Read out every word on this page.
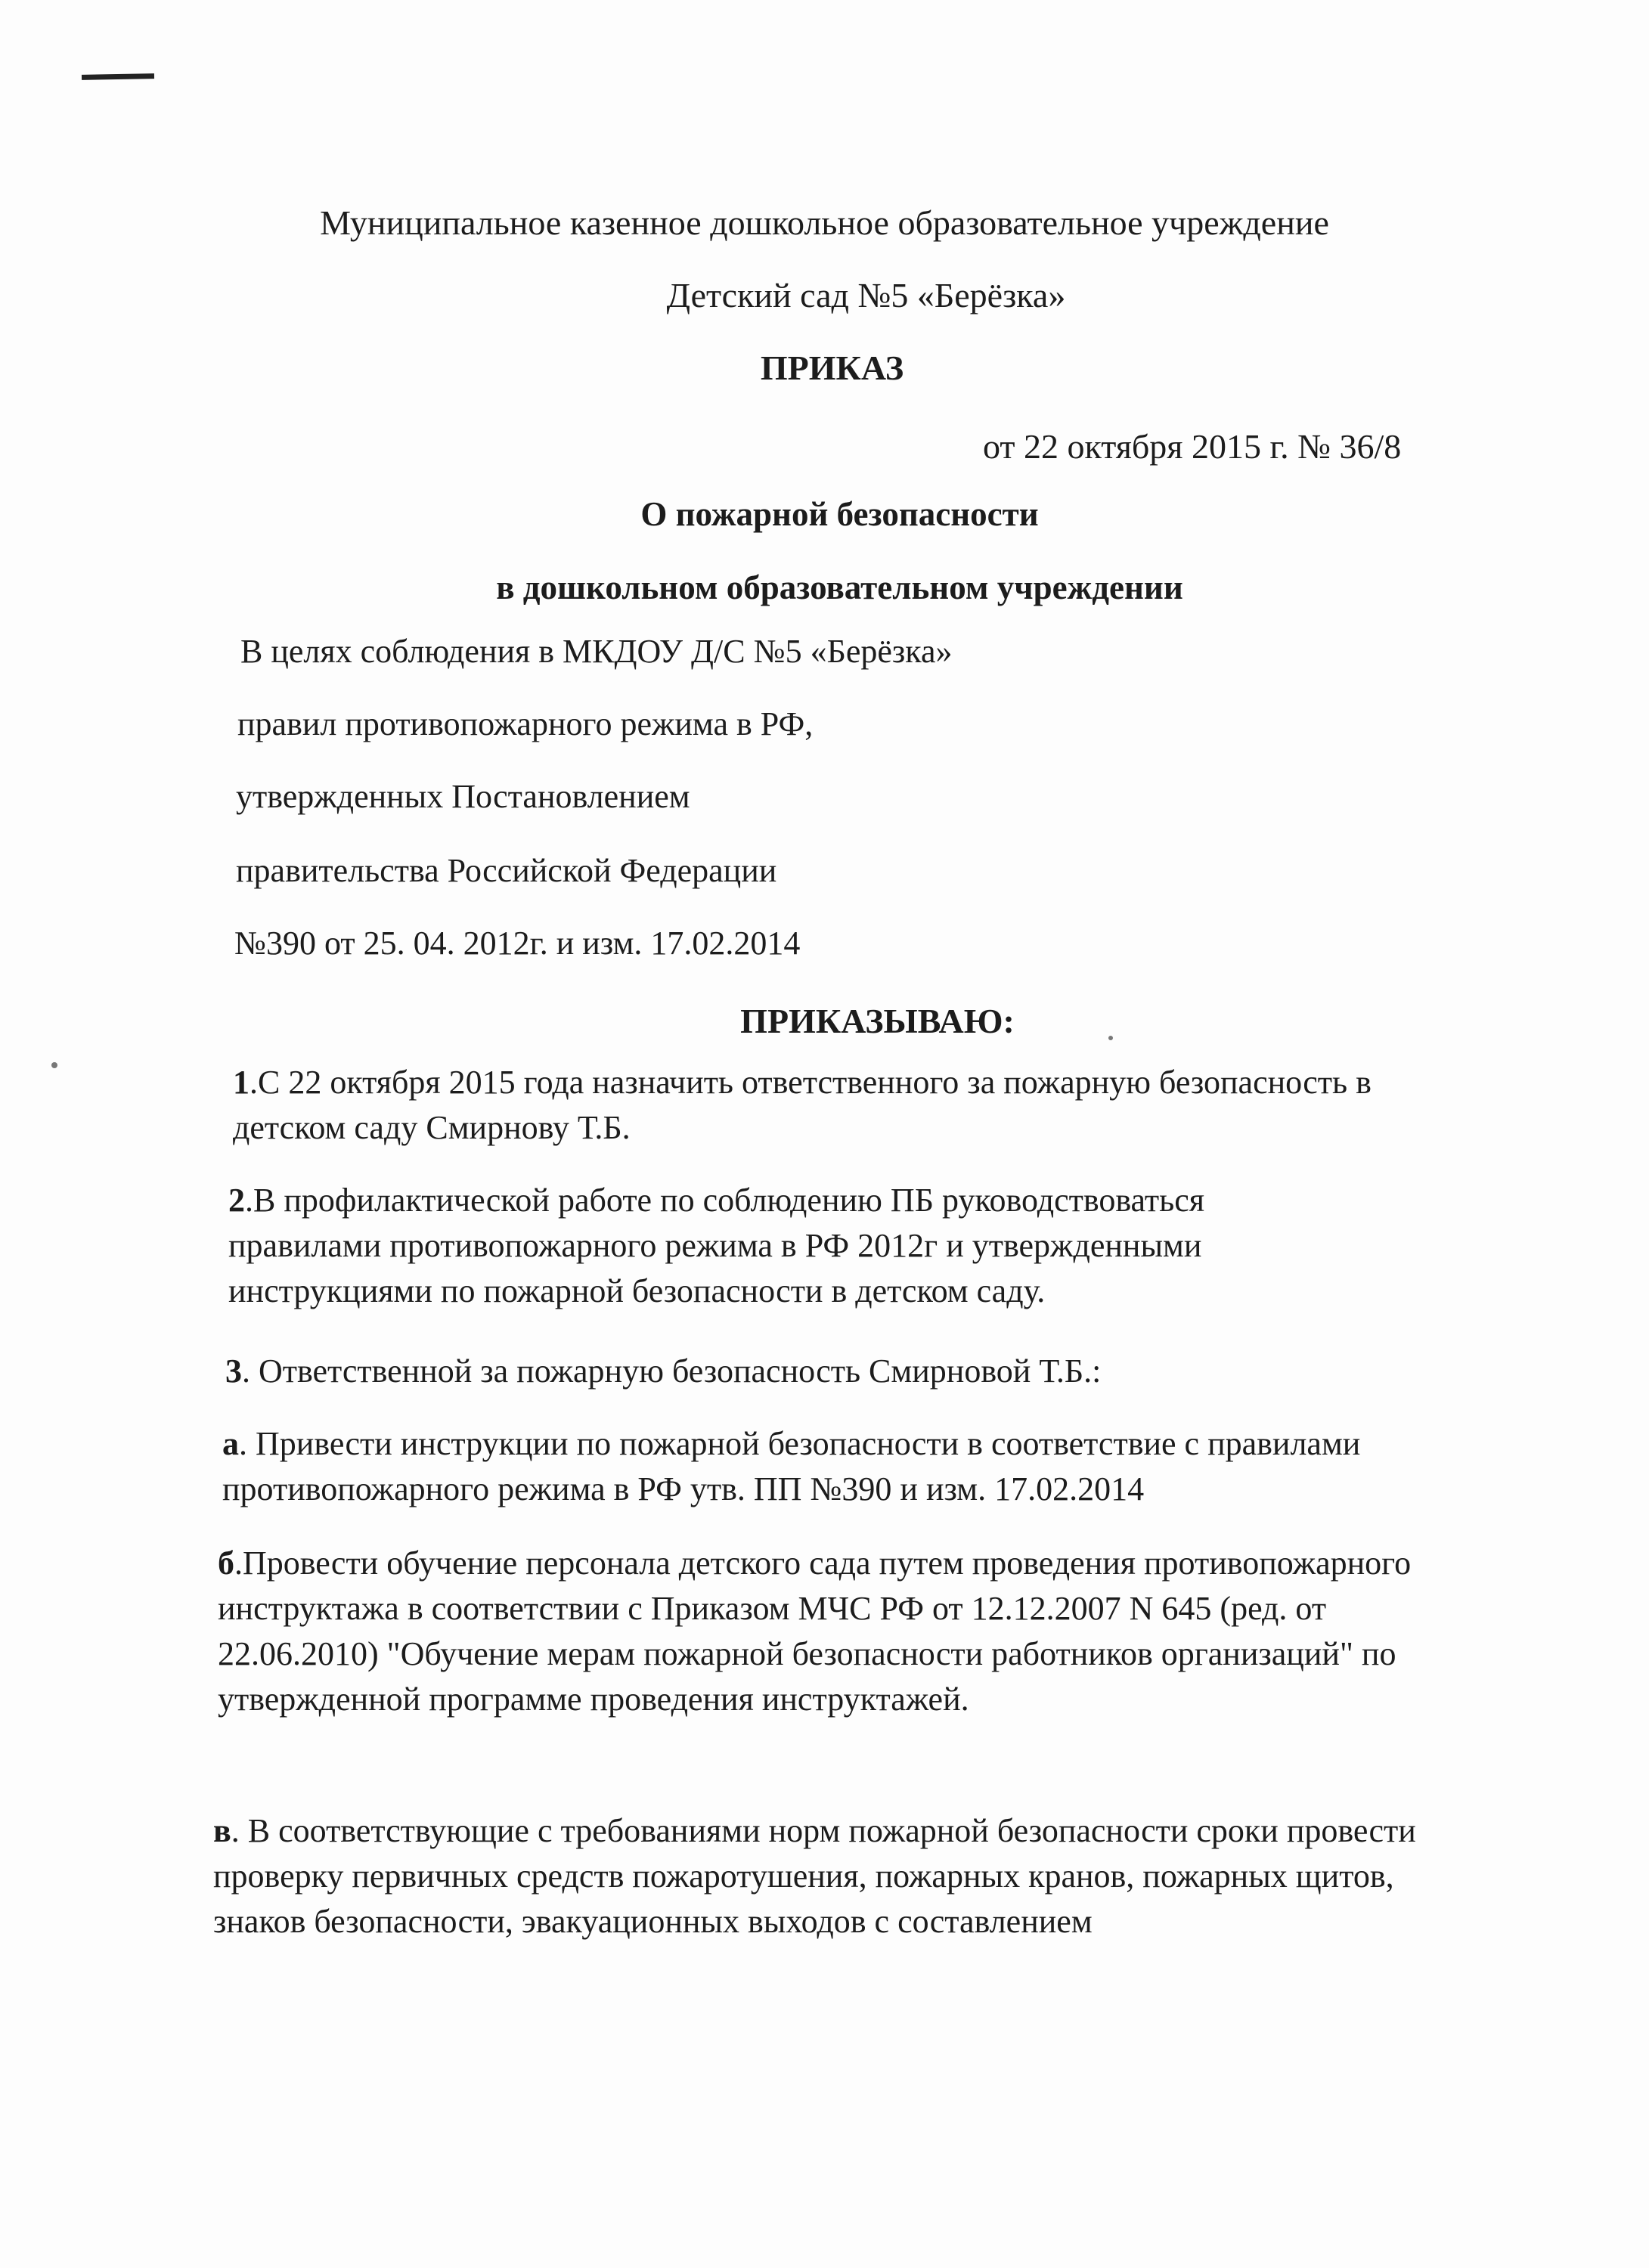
Муниципальное казенное дошкольное образовательное учреждение
Детский сад №5 «Берёзка»
ПРИКАЗ
от 22 октября 2015 г. № 36/8
О пожарной безопасности
в дошкольном образовательном учреждении
В целях соблюдения в МКДОУ Д/С №5 «Берёзка»
правил противопожарного режима в РФ,
утвержденных Постановлением
правительства Российской Федерации
№390 от 25. 04. 2012г. и изм. 17.02.2014
ПРИКАЗЫВАЮ:

1.С 22 октября 2015 года назначить ответственного за пожарную безопасность в детском саду Смирнову Т.Б.

2.В профилактической работе по соблюдению ПБ руководствоваться правилами противопожарного режима в РФ 2012г и утвержденными инструкциями по пожарной безопасности в детском саду.

3. Ответственной за пожарную безопасность Смирновой Т.Б.:

а. Привести инструкции по пожарной безопасности в соответствие с правилами противопожарного режима в РФ утв. ПП №390 и изм. 17.02.2014

б.Провести обучение персонала детского сада путем проведения противопожарного инструктажа в соответствии с Приказом МЧС РФ от 12.12.2007 N 645 (ред. от 22.06.2010) "Обучение мерам пожарной безопасности работников организаций" по утвержденной программе проведения инструктажей.

в. В соответствующие с требованиями норм пожарной безопасности сроки провести проверку первичных средств пожаротушения, пожарных кранов, пожарных щитов, знаков безопасности, эвакуационных выходов с составлением
